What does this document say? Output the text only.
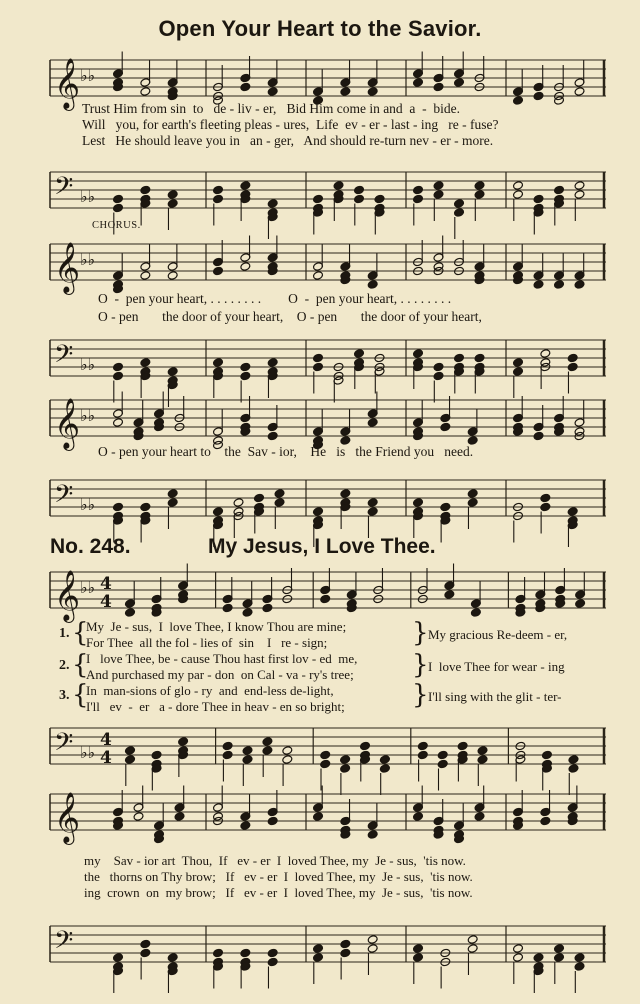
Open Your Heart to the Savior.
𝄞 ♭♭
Trust Him from sin  to   de - liv - er,   Bid Him come in and  a  -  bide.
Will   you, for earth's fleeting pleas - ures,  Life  ev - er - last - ing   re - fuse?
Lest   He should leave you in   an - ger,   And should re-turn nev - er - more.
𝄢 ♭♭
CHORUS.
𝄞 ♭♭
O  -  pen your heart, . . . . . . . .        O  -  pen your heart, . . . . . . . .
O - pen       the door of your heart,    O - pen       the door of your heart,
𝄢 ♭♭
𝄞 ♭♭
O - pen your heart to    the  Sav - ior,    He   is   the Friend you   need.
𝄢 ♭♭
No. 248.	My Jesus, I Love Thee.
𝄞 ♭♭ 4
4
1.
2.
3.
{
{
{
My  Je - sus,  I  love Thee, I know Thou are mine;
For Thee  all the fol - lies of  sin    I   re - sign;
I   love Thee, be - cause Thou hast first lov - ed  me,
And purchased my par - don  on Cal - va - ry's tree;
In  man-sions of glo - ry  and  end-less de-light,
I'll   ev  -  er   a - dore Thee in heav - en so bright;
}
}
}
My gracious Re-deem - er,
I  love Thee for wear - ing
I'll sing with the glit - ter-
𝄢 ♭♭
4
4
𝄞
my    Sav - ior art  Thou,  If   ev - er  I  loved Thee, my  Je - sus,  'tis now.
the   thorns on Thy brow;   If   ev - er  I  loved Thee, my  Je - sus,  'tis now.
ing  crown  on  my brow;   If   ev - er  I  loved Thee, my  Je - sus,  'tis now.
𝄢
